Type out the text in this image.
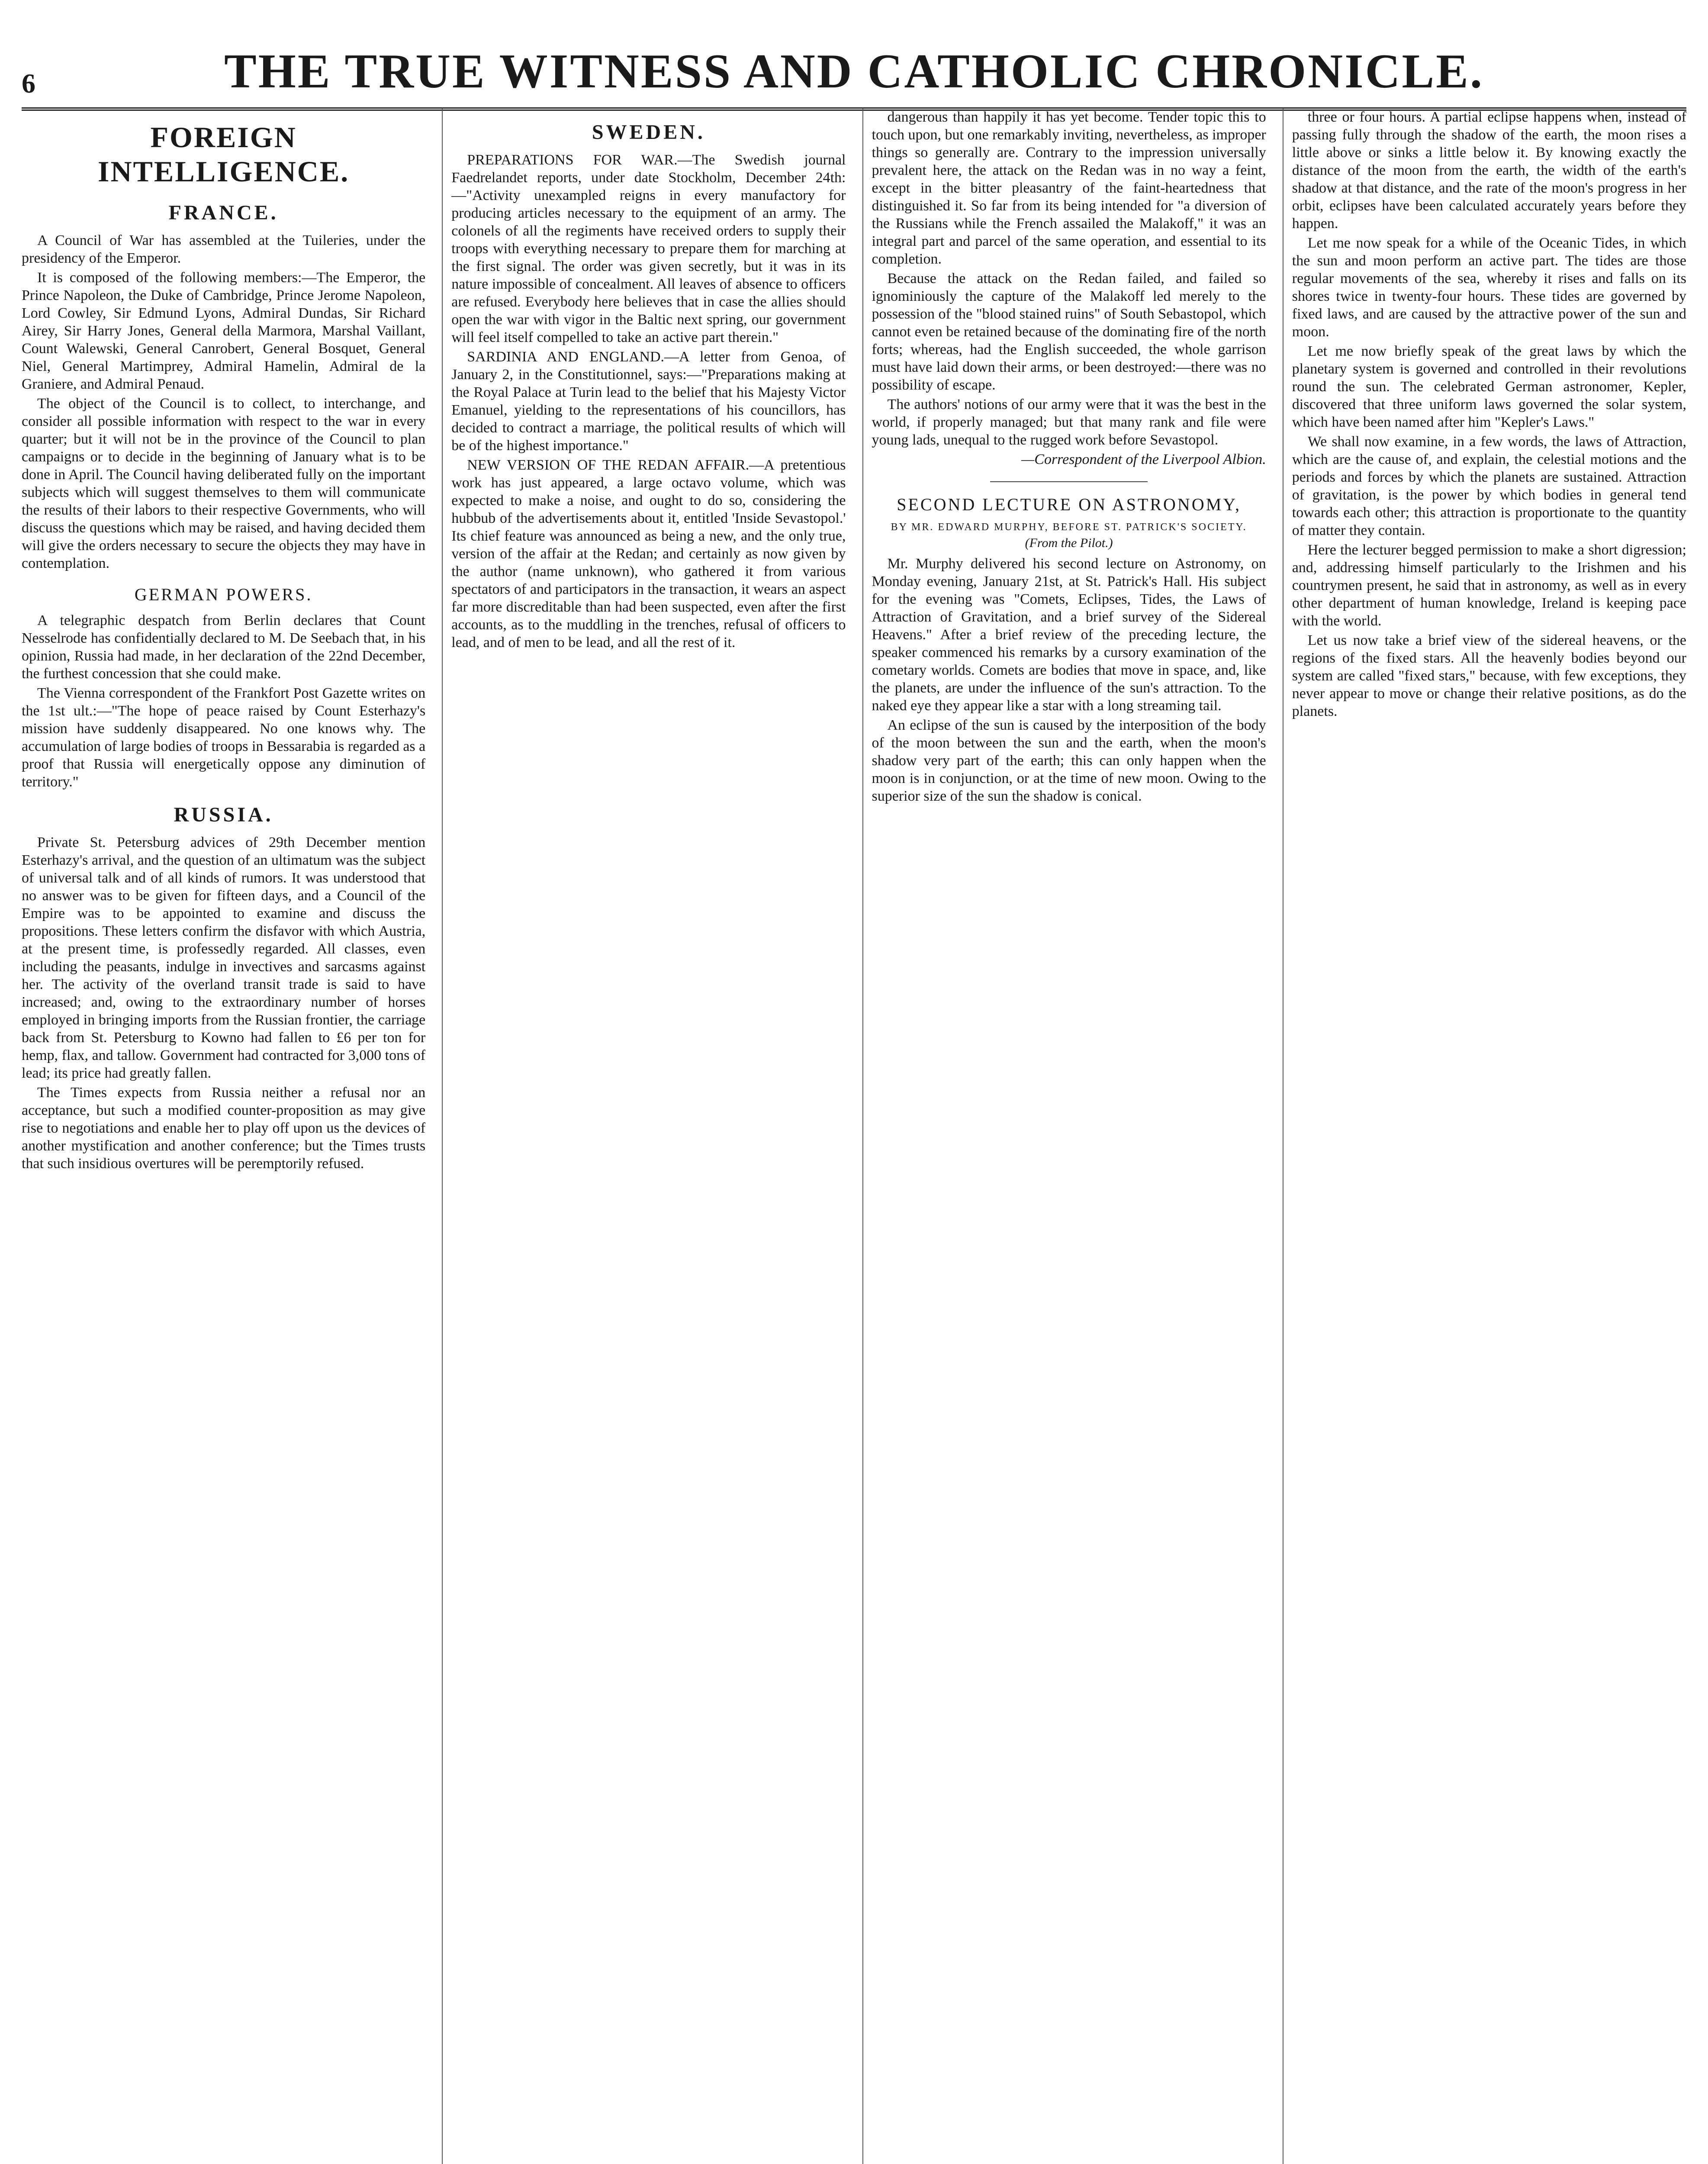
6	THE TRUE WITNESS AND CATHOLIC CHRONICLE.
FOREIGN INTELLIGENCE.
FRANCE.

A Council of War has assembled at the Tuileries, under the presidency of the Emperor.

It is composed of the following members:—The Emperor, the Prince Napoleon, the Duke of Cambridge, Prince Jerome Napoleon, Lord Cowley, Sir Edmund Lyons, Admiral Dundas, Sir Richard Airey, Sir Harry Jones, General della Marmora, Marshal Vaillant, Count Walewski, General Canrobert, General Bosquet, General Niel, General Martimprey, Admiral Hamelin, Admiral de la Graniere, and Admiral Penaud.

The object of the Council is to collect, to interchange, and consider all possible information with respect to the war in every quarter; but it will not be in the province of the Council to plan campaigns or to decide in the beginning of January what is to be done in April. The Council having deliberated fully on the important subjects which will suggest themselves to them will communicate the results of their labors to their respective Governments, who will discuss the questions which may be raised, and having decided them will give the orders necessary to secure the objects they may have in contemplation.

GERMAN POWERS.

A telegraphic despatch from Berlin declares that Count Nesselrode has confidentially declared to M. De Seebach that, in his opinion, Russia had made, in her declaration of the 22nd December, the furthest concession that she could make.

The Vienna correspondent of the Frankfort Post Gazette writes on the 1st ult.:—"The hope of peace raised by Count Esterhazy's mission have suddenly disappeared. No one knows why. The accumulation of large bodies of troops in Bessarabia is regarded as a proof that Russia will energetically oppose any diminution of territory."

RUSSIA.

Private St. Petersburg advices of 29th December mention Esterhazy's arrival, and the question of an ultimatum was the subject of universal talk and of all kinds of rumors. It was understood that no answer was to be given for fifteen days, and a Council of the Empire was to be appointed to examine and discuss the propositions. These letters confirm the disfavor with which Austria, at the present time, is professedly regarded. All classes, even including the peasants, indulge in invectives and sarcasms against her. The activity of the overland transit trade is said to have increased; and, owing to the extraordinary number of horses employed in bringing imports from the Russian frontier, the carriage back from St. Petersburg to Kowno had fallen to £6 per ton for hemp, flax, and tallow. Government had contracted for 3,000 tons of lead; its price had greatly fallen.

The Times expects from Russia neither a refusal nor an acceptance, but such a modified counter-proposition as may give rise to negotiations and enable her to play off upon us the devices of another mystification and another conference; but the Times trusts that such insidious overtures will be peremptorily refused.

SWEDEN.

PREPARATIONS FOR WAR.—The Swedish journal Faedrelandet reports, under date Stockholm, December 24th:—"Activity unexampled reigns in every manufactory for producing articles necessary to the equipment of an army. The colonels of all the regiments have received orders to supply their troops with everything necessary to prepare them for marching at the first signal. The order was given secretly, but it was in its nature impossible of concealment. All leaves of absence to officers are refused. Everybody here believes that in case the allies should open the war with vigor in the Baltic next spring, our government will feel itself compelled to take an active part therein."

SARDINIA AND ENGLAND.—A letter from Genoa, of January 2, in the Constitutionnel, says:—"Preparations making at the Royal Palace at Turin lead to the belief that his Majesty Victor Emanuel, yielding to the representations of his councillors, has decided to contract a marriage, the political results of which will be of the highest importance."

NEW VERSION OF THE REDAN AFFAIR.—A pretentious work has just appeared, a large octavo volume, which was expected to make a noise, and ought to do so, considering the hubbub of the advertisements about it, entitled 'Inside Sevastopol.' Its chief feature was announced as being a new, and the only true, version of the affair at the Redan; and certainly as now given by the author (name unknown), who gathered it from various spectators of and participators in the transaction, it wears an aspect far more discreditable than had been suspected, even after the first accounts, as to the muddling in the trenches, refusal of officers to lead, and of men to be lead, and all the rest of it.

dangerous than happily it has yet become. Tender topic this to touch upon, but one remarkably inviting, nevertheless, as improper things so generally are. Contrary to the impression universally prevalent here, the attack on the Redan was in no way a feint, except in the bitter pleasantry of the faint-heartedness that distinguished it. So far from its being intended for "a diversion of the Russians while the French assailed the Malakoff," it was an integral part and parcel of the same operation, and essential to its completion.

Because the attack on the Redan failed, and failed so ignominiously the capture of the Malakoff led merely to the possession of the "blood stained ruins" of South Sebastopol, which cannot even be retained because of the dominating fire of the north forts; whereas, had the English succeeded, the whole garrison must have laid down their arms, or been destroyed:—there was no possibility of escape.

The authors' notions of our army were that it was the best in the world, if properly managed; but that many rank and file were young lads, unequal to the rugged work before Sevastopol.

—Correspondent of the Liverpool Albion.

SECOND LECTURE ON ASTRONOMY,
BY MR. EDWARD MURPHY, BEFORE ST. PATRICK'S SOCIETY.
(From the Pilot.)

Mr. Murphy delivered his second lecture on Astronomy, on Monday evening, January 21st, at St. Patrick's Hall. His subject for the evening was "Comets, Eclipses, Tides, the Laws of Attraction of Gravitation, and a brief survey of the Sidereal Heavens." After a brief review of the preceding lecture, the speaker commenced his remarks by a cursory examination of the cometary worlds. Comets are bodies that move in space, and, like the planets, are under the influence of the sun's attraction. To the naked eye they appear like a star with a long streaming tail.

An eclipse of the sun is caused by the interposition of the body of the moon between the sun and the earth, when the moon's shadow very part of the earth; this can only happen when the moon is in conjunction, or at the time of new moon. Owing to the superior size of the sun the shadow is conical.

three or four hours. A partial eclipse happens when, instead of passing fully through the shadow of the earth, the moon rises a little above or sinks a little below it. By knowing exactly the distance of the moon from the earth, the width of the earth's shadow at that distance, and the rate of the moon's progress in her orbit, eclipses have been calculated accurately years before they happen.

Let me now speak for a while of the Oceanic Tides, in which the sun and moon perform an active part. The tides are those regular movements of the sea, whereby it rises and falls on its shores twice in twenty-four hours. These tides are governed by fixed laws, and are caused by the attractive power of the sun and moon.

Let me now briefly speak of the great laws by which the planetary system is governed and controlled in their revolutions round the sun. The celebrated German astronomer, Kepler, discovered that three uniform laws governed the solar system, which have been named after him "Kepler's Laws."

We shall now examine, in a few words, the laws of Attraction, which are the cause of, and explain, the celestial motions and the periods and forces by which the planets are sustained. Attraction of gravitation, is the power by which bodies in general tend towards each other; this attraction is proportionate to the quantity of matter they contain.

Here the lecturer begged permission to make a short digression; and, addressing himself particularly to the Irishmen and his countrymen present, he said that in astronomy, as well as in every other department of human knowledge, Ireland is keeping pace with the world.

Let us now take a brief view of the sidereal heavens, or the regions of the fixed stars. All the heavenly bodies beyond our system are called "fixed stars," because, with few exceptions, they never appear to move or change their relative positions, as do the planets.
